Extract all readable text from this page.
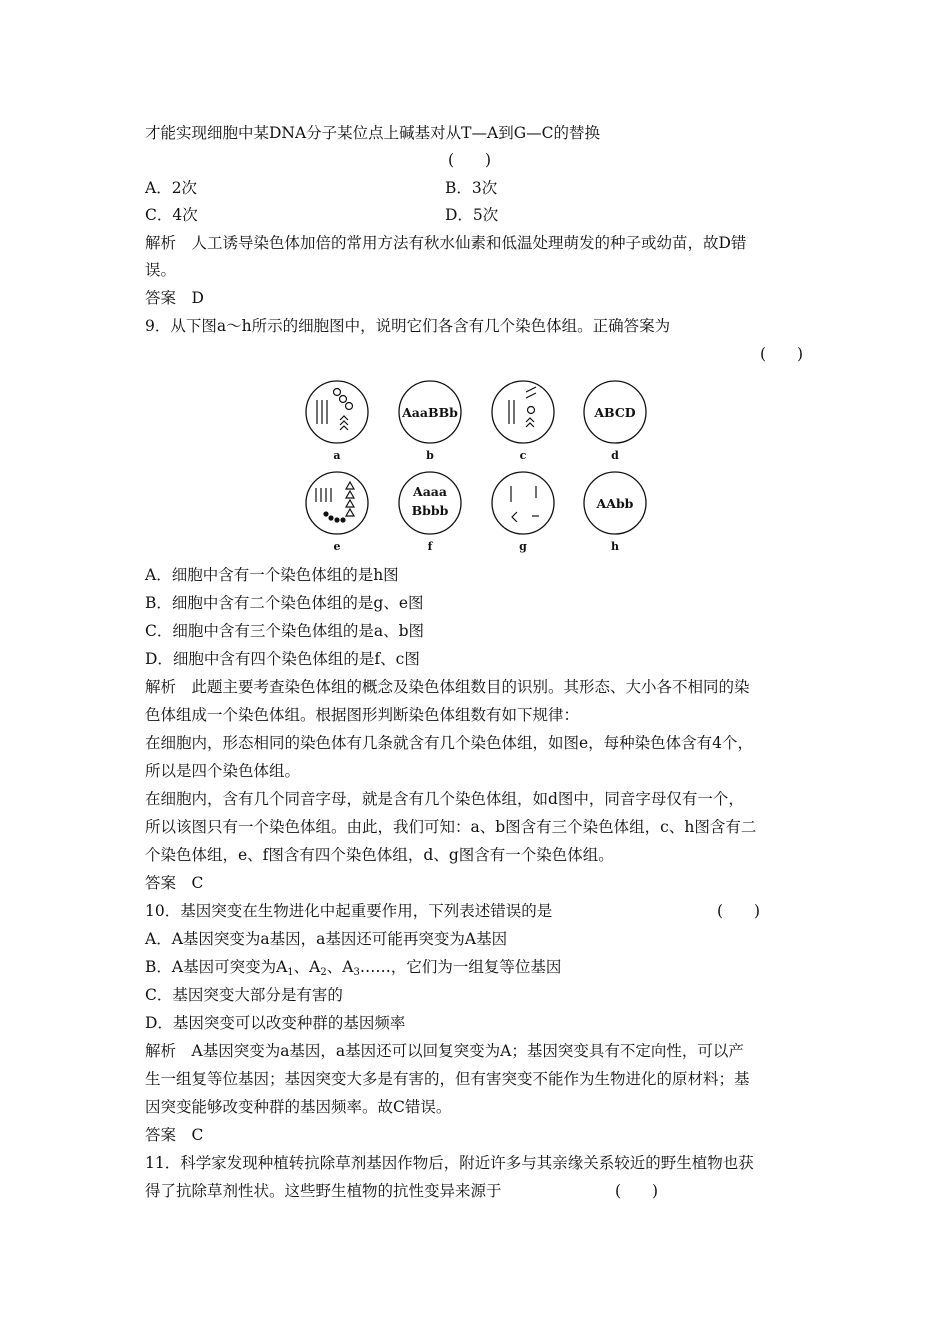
才能实现细胞中某DNA分子某位点上碱基对从T—A到G—C的替换
(　　)
A．2次	B．3次
C．4次	D．5次
解析　人工诱导染色体加倍的常用方法有秋水仙素和低温处理萌发的种子或幼苗，故D错
误。
答案　D
9．从下图a～h所示的细胞图中，说明它们各含有几个染色体组。正确答案为
(　　)
AaaBBb	ABCD
Aaaa
Bbbb	AAbb
a	b	c	d
e	f	g	h
A．细胞中含有一个染色体组的是h图
B．细胞中含有二个染色体组的是g、e图
C．细胞中含有三个染色体组的是a、b图
D．细胞中含有四个染色体组的是f、c图
解析　此题主要考查染色体组的概念及染色体组数目的识别。其形态、大小各不相同的染
色体组成一个染色体组。根据图形判断染色体组数有如下规律：
在细胞内，形态相同的染色体有几条就含有几个染色体组，如图e，每种染色体含有4个，
所以是四个染色体组。
在细胞内，含有几个同音字母，就是含有几个染色体组，如d图中，同音字母仅有一个，
所以该图只有一个染色体组。由此，我们可知：a、b图含有三个染色体组，c、h图含有二
个染色体组，e、f图含有四个染色体组，d、g图含有一个染色体组。
答案　C
10．基因突变在生物进化中起重要作用，下列表述错误的是	(　　)
A．A基因突变为a基因，a基因还可能再突变为A基因
B．A基因可突变为$A_1$、$A_2$、$A_3\dots\dots$，它们为一组复等位基因
C．基因突变大部分是有害的
D．基因突变可以改变种群的基因频率
解析　A基因突变为a基因，a基因还可以回复突变为A；基因突变具有不定向性，可以产
生一组复等位基因；基因突变大多是有害的，但有害突变不能作为生物进化的原材料；基
因突变能够改变种群的基因频率。故C错误。
答案　C
11．科学家发现种植转抗除草剂基因作物后，附近许多与其亲缘关系较近的野生植物也获
得了抗除草剂性状。这些野生植物的抗性变异来源于	(　　)
